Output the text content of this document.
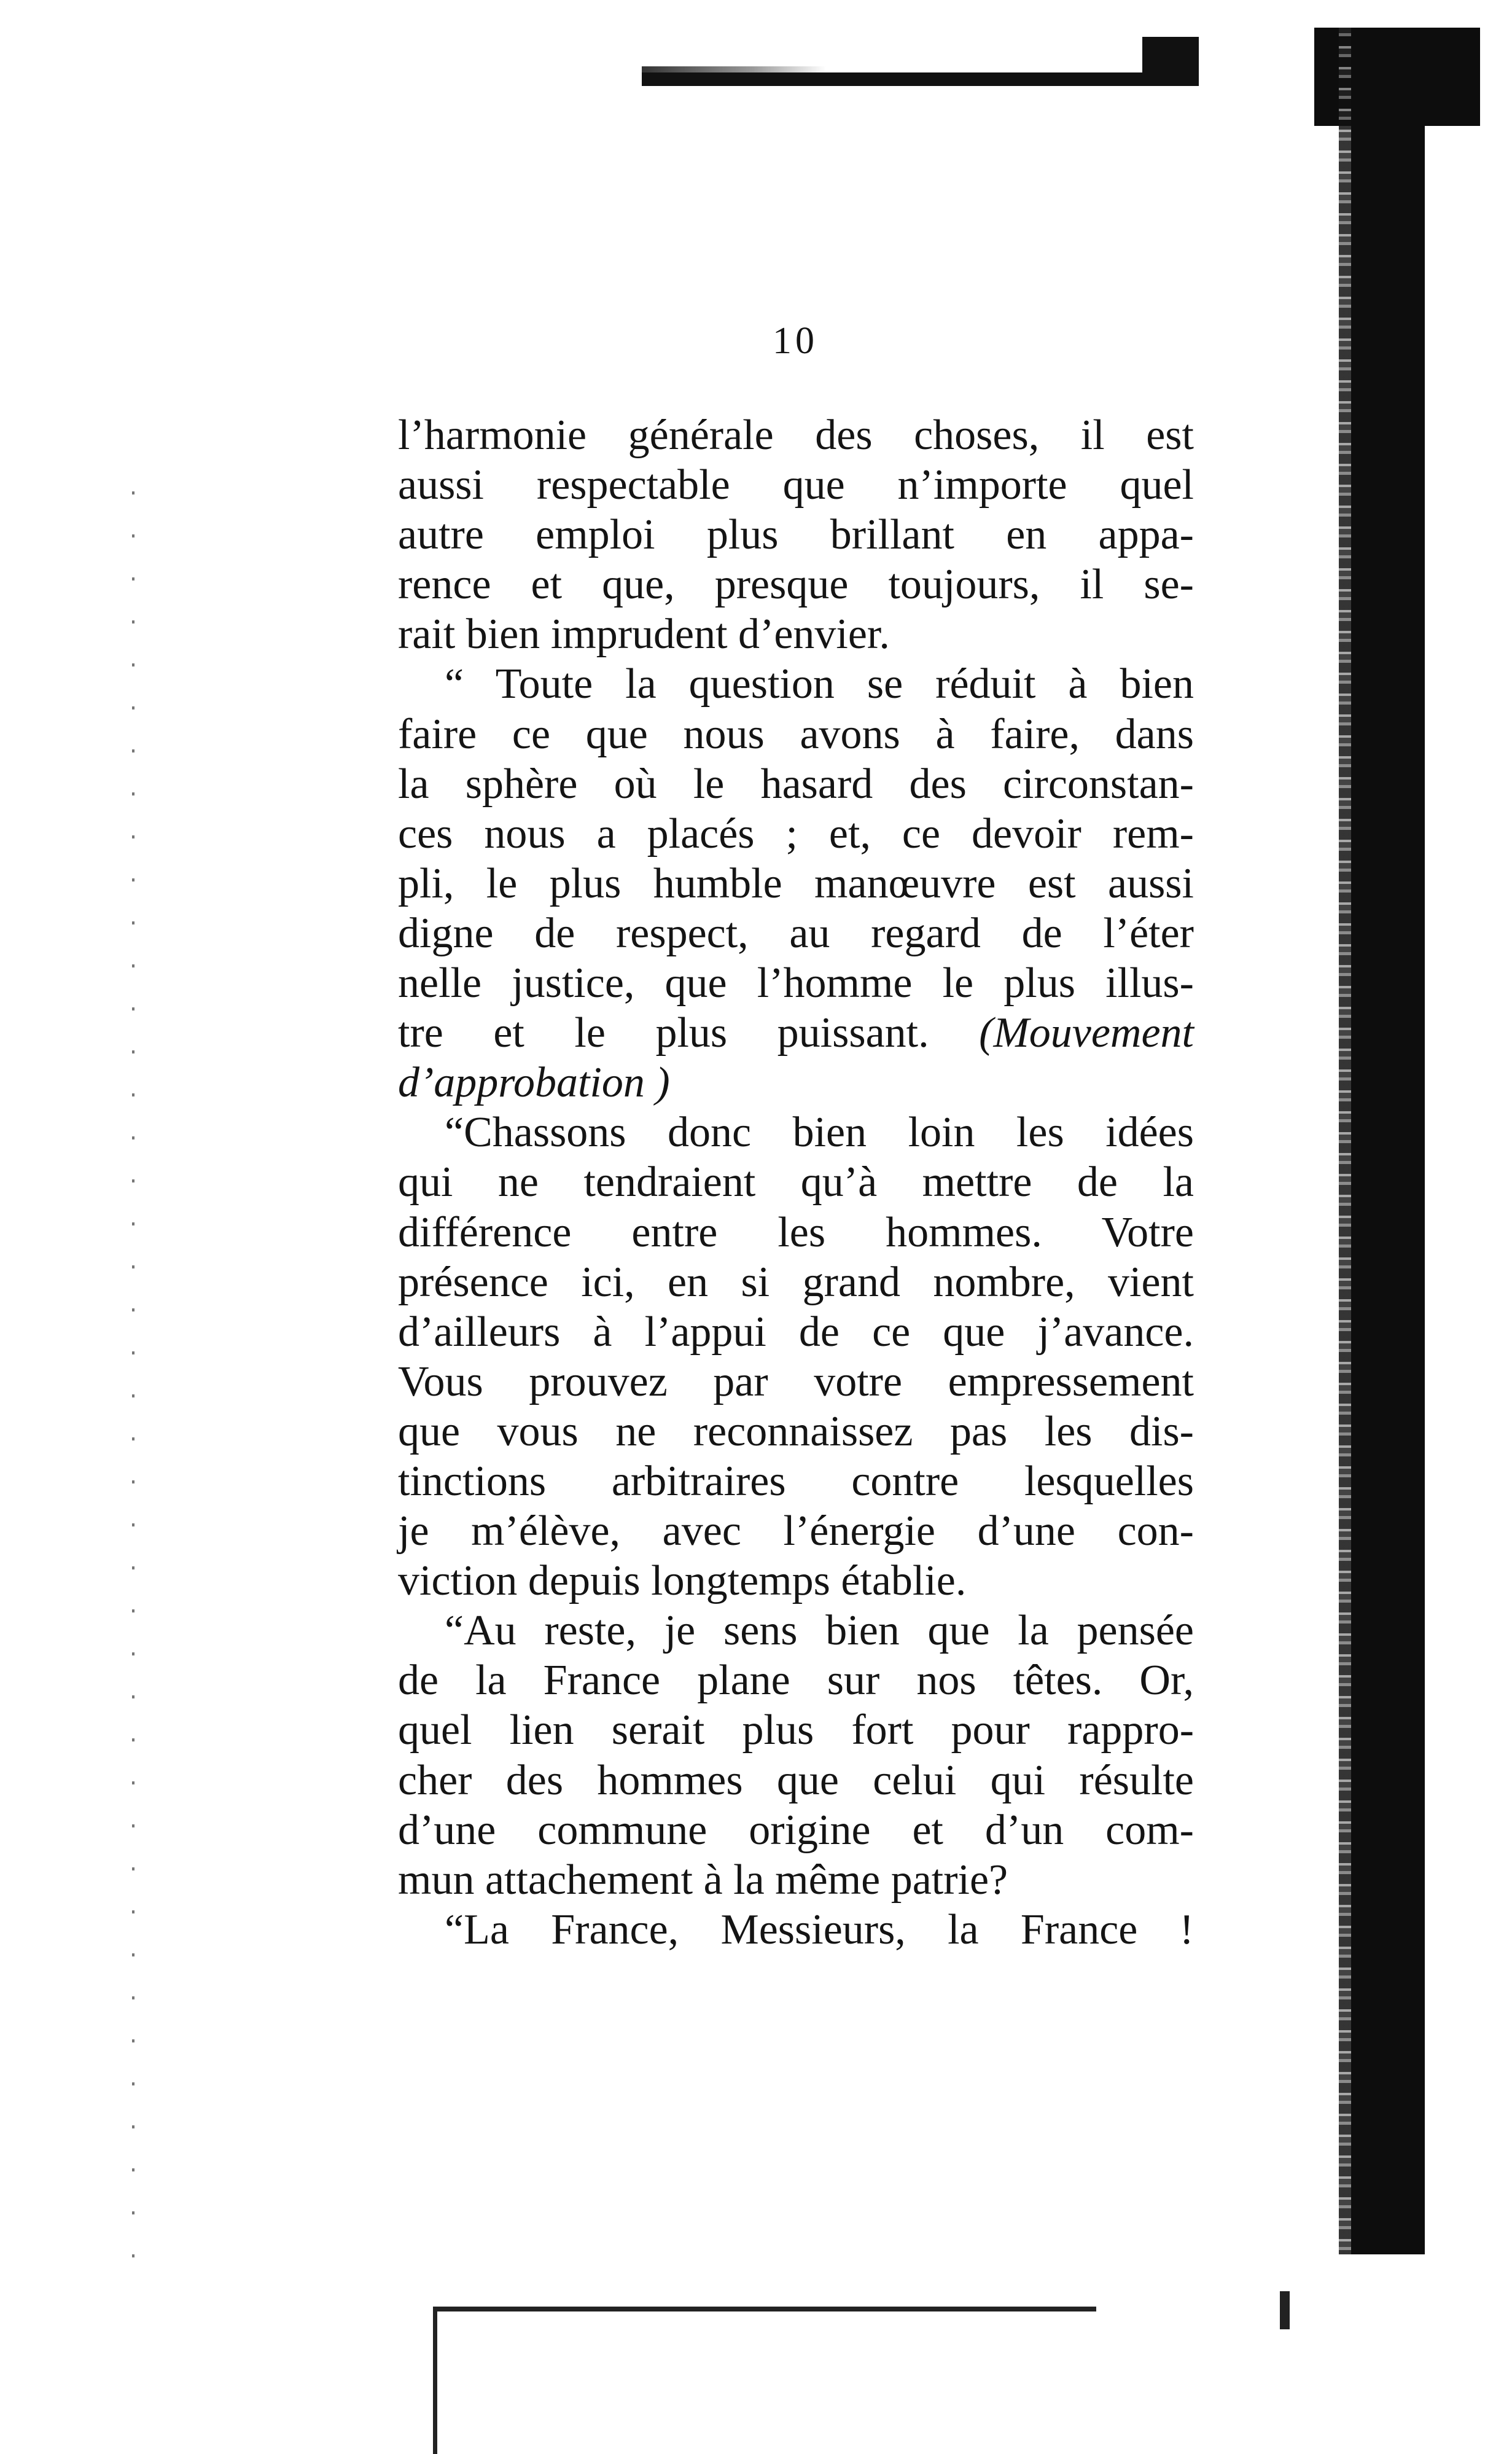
10
l’harmonie générale des choses, il est
aussi respectable que n’importe quel
autre emploi plus brillant en appa-
rence et que, presque toujours, il se-
rait bien imprudent d’envier.
“ Toute la question se réduit à bien
faire ce que nous avons à faire, dans
la sphère où le hasard des circonstan-
ces nous a placés ; et, ce devoir rem-
pli, le plus humble manœuvre est aussi
digne de respect, au regard de l’éter
nelle justice, que l’homme le plus illus-
tre et le plus puissant. (Mouvement
d’approbation )
“Chassons donc bien loin les idées
qui ne tendraient qu’à mettre de la
différence entre les hommes. Votre
présence ici, en si grand nombre, vient
d’ailleurs à l’appui de ce que j’avance.
Vous prouvez par votre empressement
que vous ne reconnaissez pas les dis-
tinctions arbitraires contre lesquelles
je m’élève, avec l’énergie d’une con-
viction depuis longtemps établie.
“Au reste, je sens bien que la pensée
de la France plane sur nos têtes. Or,
quel lien serait plus fort pour rappro-
cher des hommes que celui qui résulte
d’une commune origine et d’un com-
mun attachement à la même patrie?
“La France, Messieurs, la France !
